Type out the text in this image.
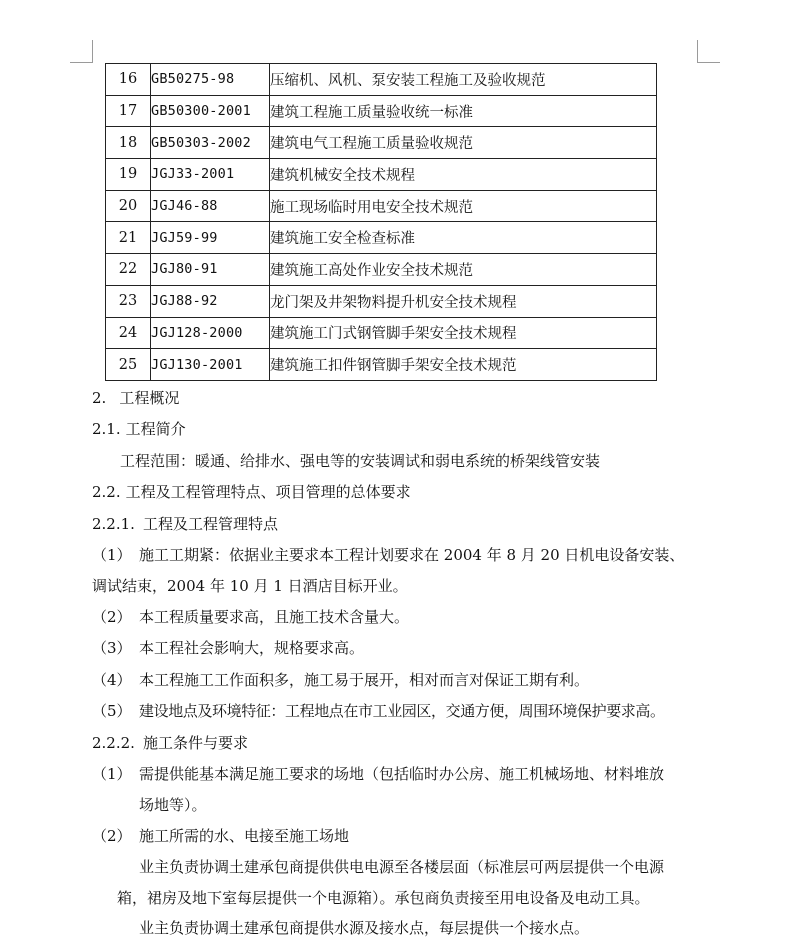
16	GB50275-98	压缩机、风机、泵安装工程施工及验收规范
17	GB50300-2001	建筑工程施工质量验收统一标准
18	GB50303-2002	建筑电气工程施工质量验收规范
19	JGJ33-2001	建筑机械安全技术规程
20	JGJ46-88	施工现场临时用电安全技术规范
21	JGJ59-99	建筑施工安全检查标准
22	JGJ80-91	建筑施工高处作业安全技术规范
23	JGJ88-92	龙门架及井架物料提升机安全技术规程
24	JGJ128-2000	建筑施工门式钢管脚手架安全技术规程
25	JGJ130-2001	建筑施工扣件钢管脚手架安全技术规范
2. 工程概况
2.1. 工程简介
工程范围：暖通、给排水、强电等的安装调试和弱电系统的桥架线管安装
2.2. 工程及工程管理特点、项目管理的总体要求
2.2.1. 工程及工程管理特点
（1） 施工工期紧：依据业主要求本工程计划要求在 2004 年 8 月 20 日机电设备安装、
调试结束，2004 年 10 月 1 日酒店目标开业。
（2） 本工程质量要求高，且施工技术含量大。
（3） 本工程社会影响大，规格要求高。
（4） 本工程施工工作面积多，施工易于展开，相对而言对保证工期有利。
（5） 建设地点及环境特征：工程地点在市工业园区，交通方便，周围环境保护要求高。
2.2.2. 施工条件与要求
（1） 需提供能基本满足施工要求的场地（包括临时办公房、施工机械场地、材料堆放
场地等）。
（2） 施工所需的水、电接至施工场地
业主负责协调土建承包商提供供电电源至各楼层面（标准层可两层提供一个电源
箱，裙房及地下室每层提供一个电源箱）。承包商负责接至用电设备及电动工具。
业主负责协调土建承包商提供水源及接水点，每层提供一个接水点。
